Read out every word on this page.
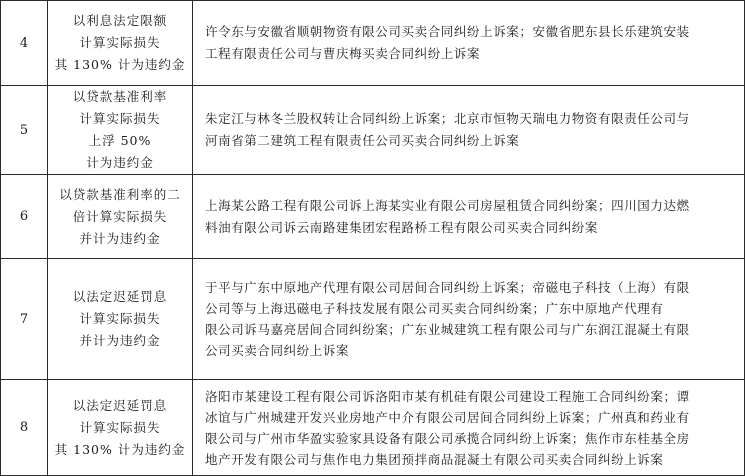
4	以利息法定限额
计算实际损失
其 130% 计为违约金	许令东与安徽省顺朝物资有限公司买卖合同纠纷上诉案；安徽省肥东县长乐建筑安装
工程有限责任公司与曹庆梅买卖合同纠纷上诉案

5	以贷款基准利率
计算实际损失
上浮 50%
计为违约金	朱定江与林冬兰股权转让合同纠纷上诉案；北京市恒物天瑞电力物资有限责任公司与
河南省第二建筑工程有限责任公司买卖合同纠纷上诉案

6	以贷款基准利率的二
倍计算实际损失
并计为违约金	上海某公路工程有限公司诉上海某实业有限公司房屋租赁合同纠纷案；四川国力达燃
料油有限公司诉云南路建集团宏程路桥工程有限公司买卖合同纠纷案

7	以法定迟延罚息
计算实际损失
并计为违约金	于平与广东中原地产代理有限公司居间合同纠纷上诉案；帝磁电子科技（上海）有限
公司等与上海迅磁电子科技发展有限公司买卖合同纠纷案；广东中原地产代理有
限公司诉马嘉亮居间合同纠纷案；广东业城建筑工程有限公司与广东润江混凝土有限
公司买卖合同纠纷上诉案

8	以法定迟延罚息
计算实际损失
其 130% 计为违约金	洛阳市某建设工程有限公司诉洛阳市某有机硅有限公司建设工程施工合同纠纷案；谭
冰谊与广州城建开发兴业房地产中介有限公司居间合同纠纷上诉案；广州真和药业有
限公司与广州市华盈实验家具设备有限公司承揽合同纠纷上诉案；焦作市东桂基全房
地产开发有限公司与焦作电力集团预拌商品混凝土有限公司买卖合同纠纷上诉案
